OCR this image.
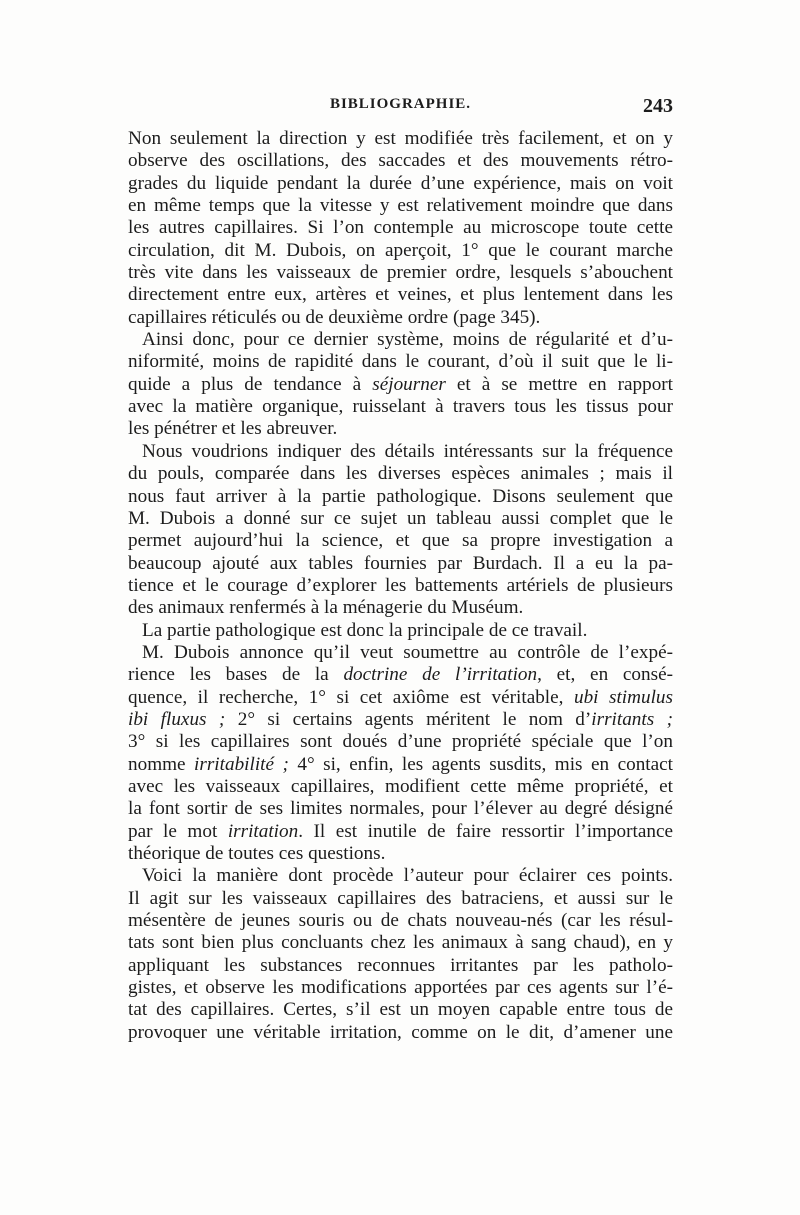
BIBLIOGRAPHIE.	243
Non seulement la direction y est modifiée très facilement, et on y
observe des oscillations, des saccades et des mouvements rétro-
grades du liquide pendant la durée d’une expérience, mais on voit
en même temps que la vitesse y est relativement moindre que dans
les autres capillaires. Si l’on contemple au microscope toute cette
circulation, dit M. Dubois, on aperçoit, 1° que le courant marche
très vite dans les vaisseaux de premier ordre, lesquels s’abouchent
directement entre eux, artères et veines, et plus lentement dans les
capillaires réticulés ou de deuxième ordre (page 345).
Ainsi donc, pour ce dernier système, moins de régularité et d’u-
niformité, moins de rapidité dans le courant, d’où il suit que le li-
quide a plus de tendance à séjourner et à se mettre en rapport
avec la matière organique, ruisselant à travers tous les tissus pour
les pénétrer et les abreuver.
Nous voudrions indiquer des détails intéressants sur la fréquence
du pouls, comparée dans les diverses espèces animales ; mais il
nous faut arriver à la partie pathologique. Disons seulement que
M. Dubois a donné sur ce sujet un tableau aussi complet que le
permet aujourd’hui la science, et que sa propre investigation a
beaucoup ajouté aux tables fournies par Burdach. Il a eu la pa-
tience et le courage d’explorer les battements artériels de plusieurs
des animaux renfermés à la ménagerie du Muséum.
La partie pathologique est donc la principale de ce travail.
M. Dubois annonce qu’il veut soumettre au contrôle de l’expé-
rience les bases de la doctrine de l’irritation, et, en consé-
quence, il recherche, 1° si cet axiôme est véritable, ubi stimulus
ibi fluxus ; 2° si certains agents méritent le nom d’irritants ;
3° si les capillaires sont doués d’une propriété spéciale que l’on
nomme irritabilité ; 4° si, enfin, les agents susdits, mis en contact
avec les vaisseaux capillaires, modifient cette même propriété, et
la font sortir de ses limites normales, pour l’élever au degré désigné
par le mot irritation. Il est inutile de faire ressortir l’importance
théorique de toutes ces questions.
Voici la manière dont procède l’auteur pour éclairer ces points.
Il agit sur les vaisseaux capillaires des batraciens, et aussi sur le
mésentère de jeunes souris ou de chats nouveau-nés (car les résul-
tats sont bien plus concluants chez les animaux à sang chaud), en y
appliquant les substances reconnues irritantes par les patholo-
gistes, et observe les modifications apportées par ces agents sur l’é-
tat des capillaires. Certes, s’il est un moyen capable entre tous de
provoquer une véritable irritation, comme on le dit, d’amener une
